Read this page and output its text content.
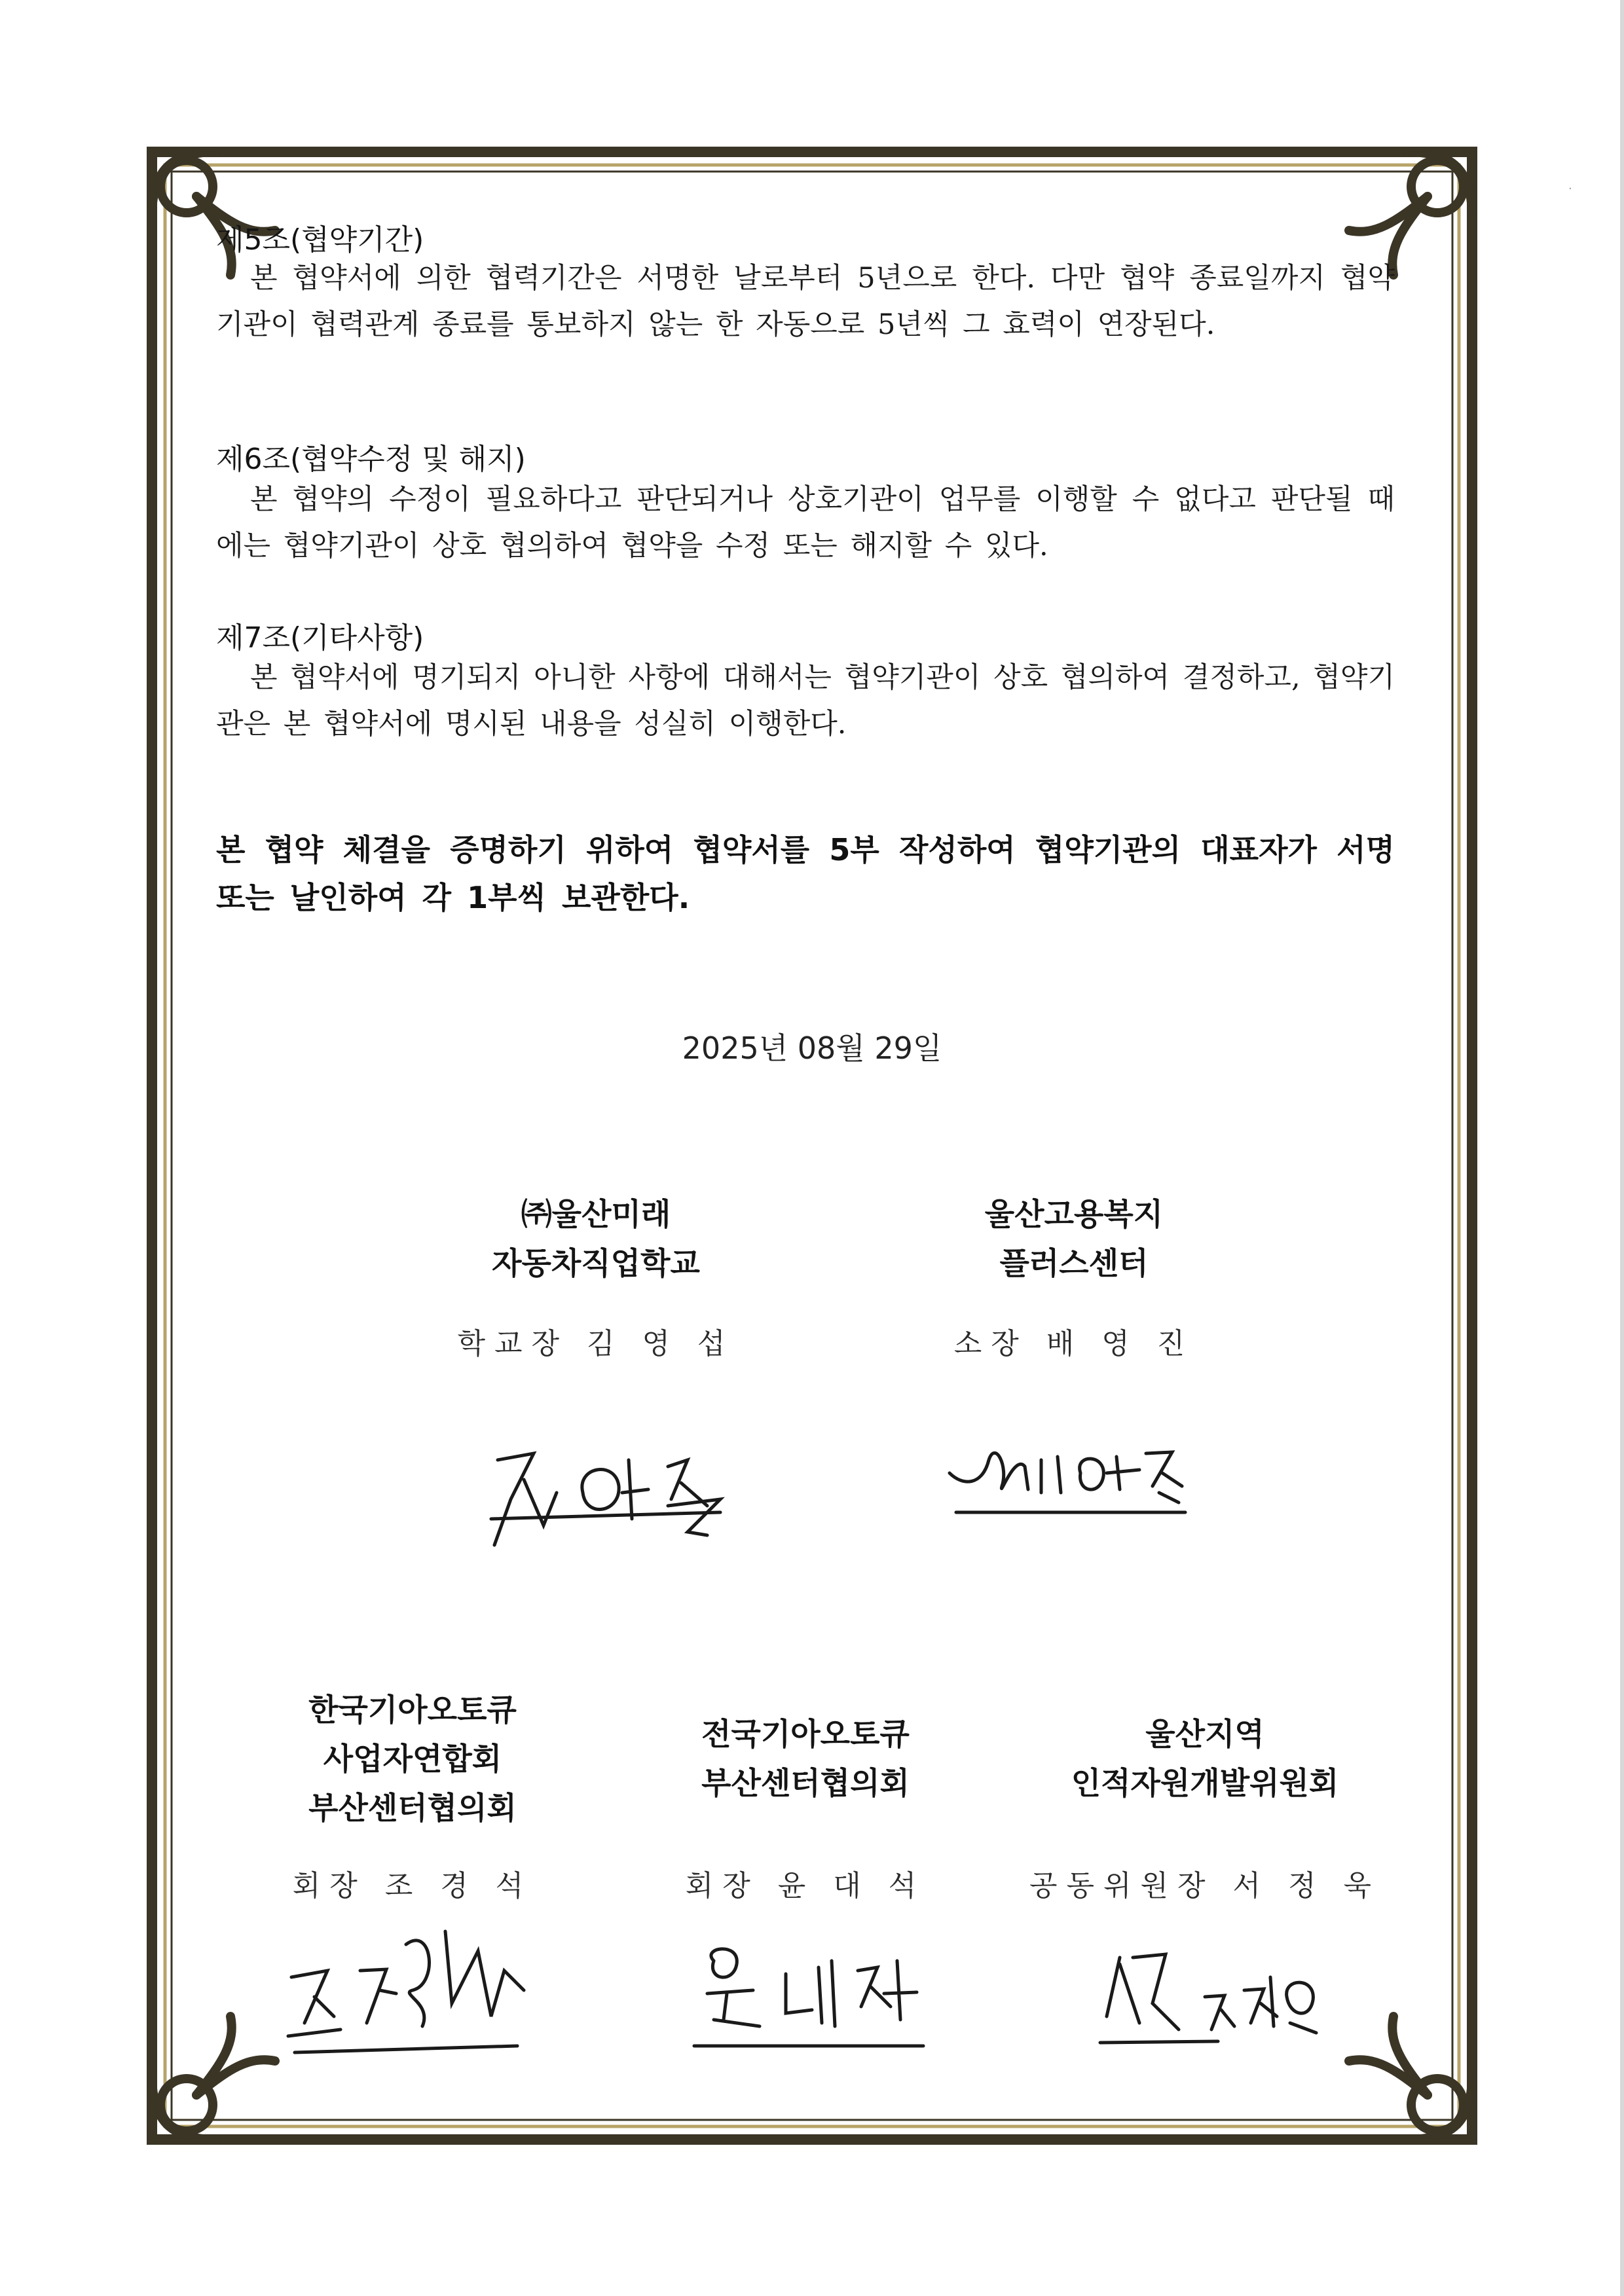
제5조(협약기간)
본 협약서에 의한 협력기간은 서명한 날로부터 5년으로 한다. 다만 협약 종료일까지 협약기관이 협력관계 종료를 통보하지 않는 한 자동으로 5년씩 그 효력이 연장된다.
제6조(협약수정 및 해지)
본 협약의 수정이 필요하다고 판단되거나 상호기관이 업무를 이행할 수 없다고 판단될 때에는 협약기관이 상호 협의하여 협약을 수정 또는 해지할 수 있다.
제7조(기타사항)
본 협약서에 명기되지 아니한 사항에 대해서는 협약기관이 상호 협의하여 결정하고, 협약기관은 본 협약서에 명시된 내용을 성실히 이행한다.
본 협약 체결을 증명하기 위하여 협약서를 5부 작성하여 협약기관의 대표자가 서명 또는 날인하여 각 1부씩 보관한다.
2025년 08월 29일
㈜울산미래
자동차직업학교
학교장 김 영 섭
울산고용복지
플러스센터
소장 배 영 진
한국기아오토큐
사업자연합회
부산센터협의회
회장 조 경 석
전국기아오토큐
부산센터협의회
회장 윤 대 석
울산지역
인적자원개발위원회
공동위원장 서 정 욱
·
